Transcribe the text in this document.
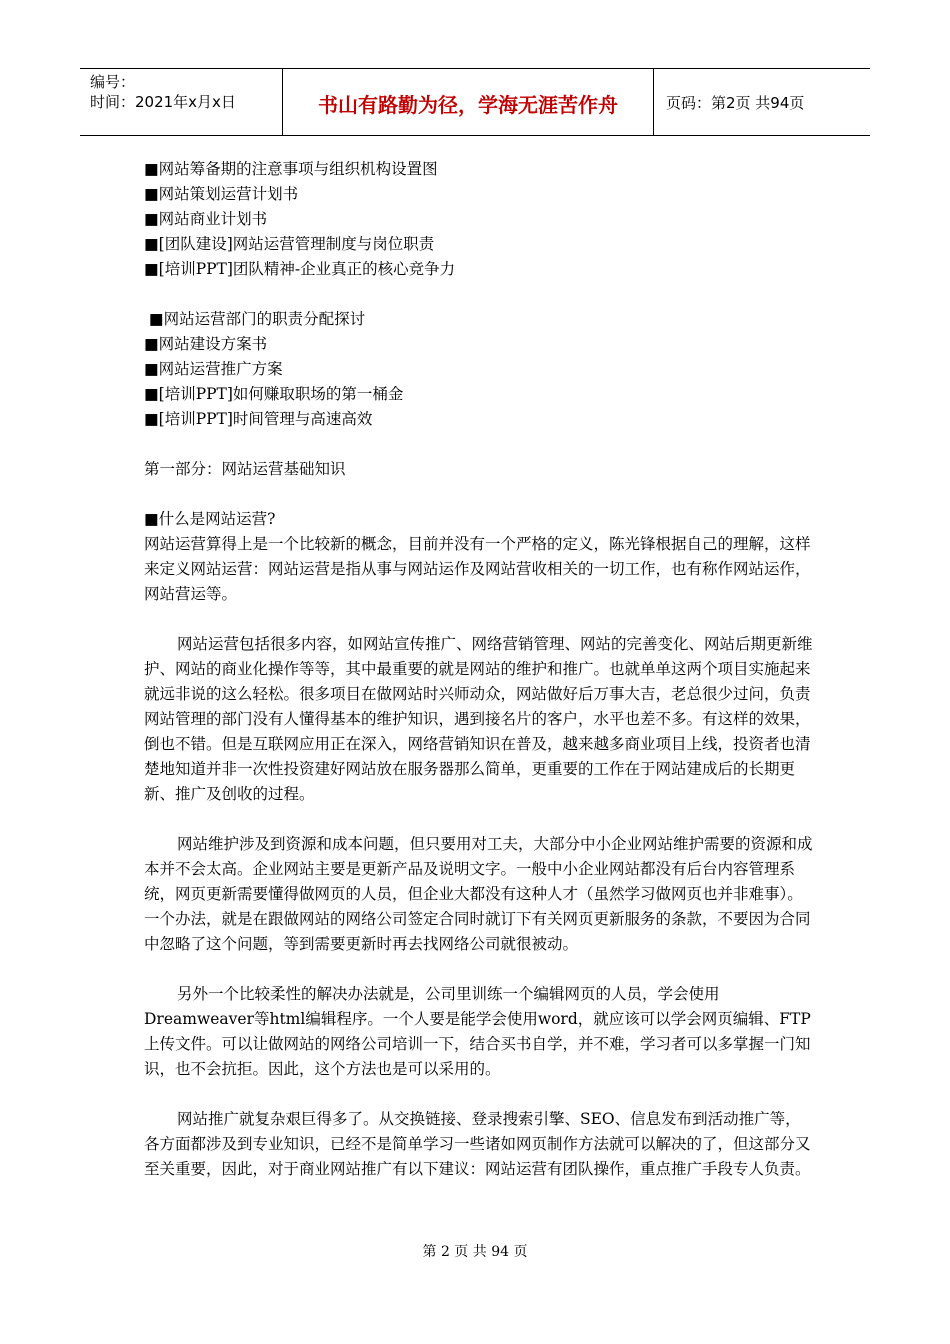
编号：
时间：2021年x月x日	书山有路勤为径，学海无涯苦作舟	页码：第2页 共94页
■网站筹备期的注意事项与组织机构设置图
■网站策划运营计划书
■网站商业计划书
■[团队建设]网站运营管理制度与岗位职责
■[培训PPT]团队精神-企业真正的核心竞争力
■网站运营部门的职责分配探讨
■网站建设方案书
■网站运营推广方案
■[培训PPT]如何赚取职场的第一桶金
■[培训PPT]时间管理与高速高效
第一部分：网站运营基础知识
■什么是网站运营?
网站运营算得上是一个比较新的概念，目前并没有一个严格的定义，陈光锋根据自己的理解，这样来定义网站运营：网站运营是指从事与网站运作及网站营收相关的一切工作，也有称作网站运作，网站营运等。
网站运营包括很多内容，如网站宣传推广、网络营销管理、网站的完善变化、网站后期更新维护、网站的商业化操作等等，其中最重要的就是网站的维护和推广。也就单单这两个项目实施起来就远非说的这么轻松。很多项目在做网站时兴师动众，网站做好后万事大吉，老总很少过问，负责网站管理的部门没有人懂得基本的维护知识，遇到接名片的客户，水平也差不多。有这样的效果，倒也不错。但是互联网应用正在深入，网络营销知识在普及，越来越多商业项目上线，投资者也清楚地知道并非一次性投资建好网站放在服务器那么简单，更重要的工作在于网站建成后的长期更新、推广及创收的过程。
网站维护涉及到资源和成本问题，但只要用对工夫，大部分中小企业网站维护需要的资源和成本并不会太高。企业网站主要是更新产品及说明文字。一般中小企业网站都没有后台内容管理系统，网页更新需要懂得做网页的人员，但企业大都没有这种人才（虽然学习做网页也并非难事）。一个办法，就是在跟做网站的网络公司签定合同时就订下有关网页更新服务的条款，不要因为合同中忽略了这个问题，等到需要更新时再去找网络公司就很被动。
另外一个比较柔性的解决办法就是，公司里训练一个编辑网页的人员，学会使用Dreamweaver等html编辑程序。一个人要是能学会使用word，就应该可以学会网页编辑、FTP上传文件。可以让做网站的网络公司培训一下，结合买书自学，并不难，学习者可以多掌握一门知识，也不会抗拒。因此，这个方法也是可以采用的。
网站推广就复杂艰巨得多了。从交换链接、登录搜索引擎、SEO、信息发布到活动推广等，各方面都涉及到专业知识，已经不是简单学习一些诸如网页制作方法就可以解决的了，但这部分又至关重要，因此，对于商业网站推广有以下建议：网站运营有团队操作，重点推广手段专人负责。
第 2 页 共 94 页
